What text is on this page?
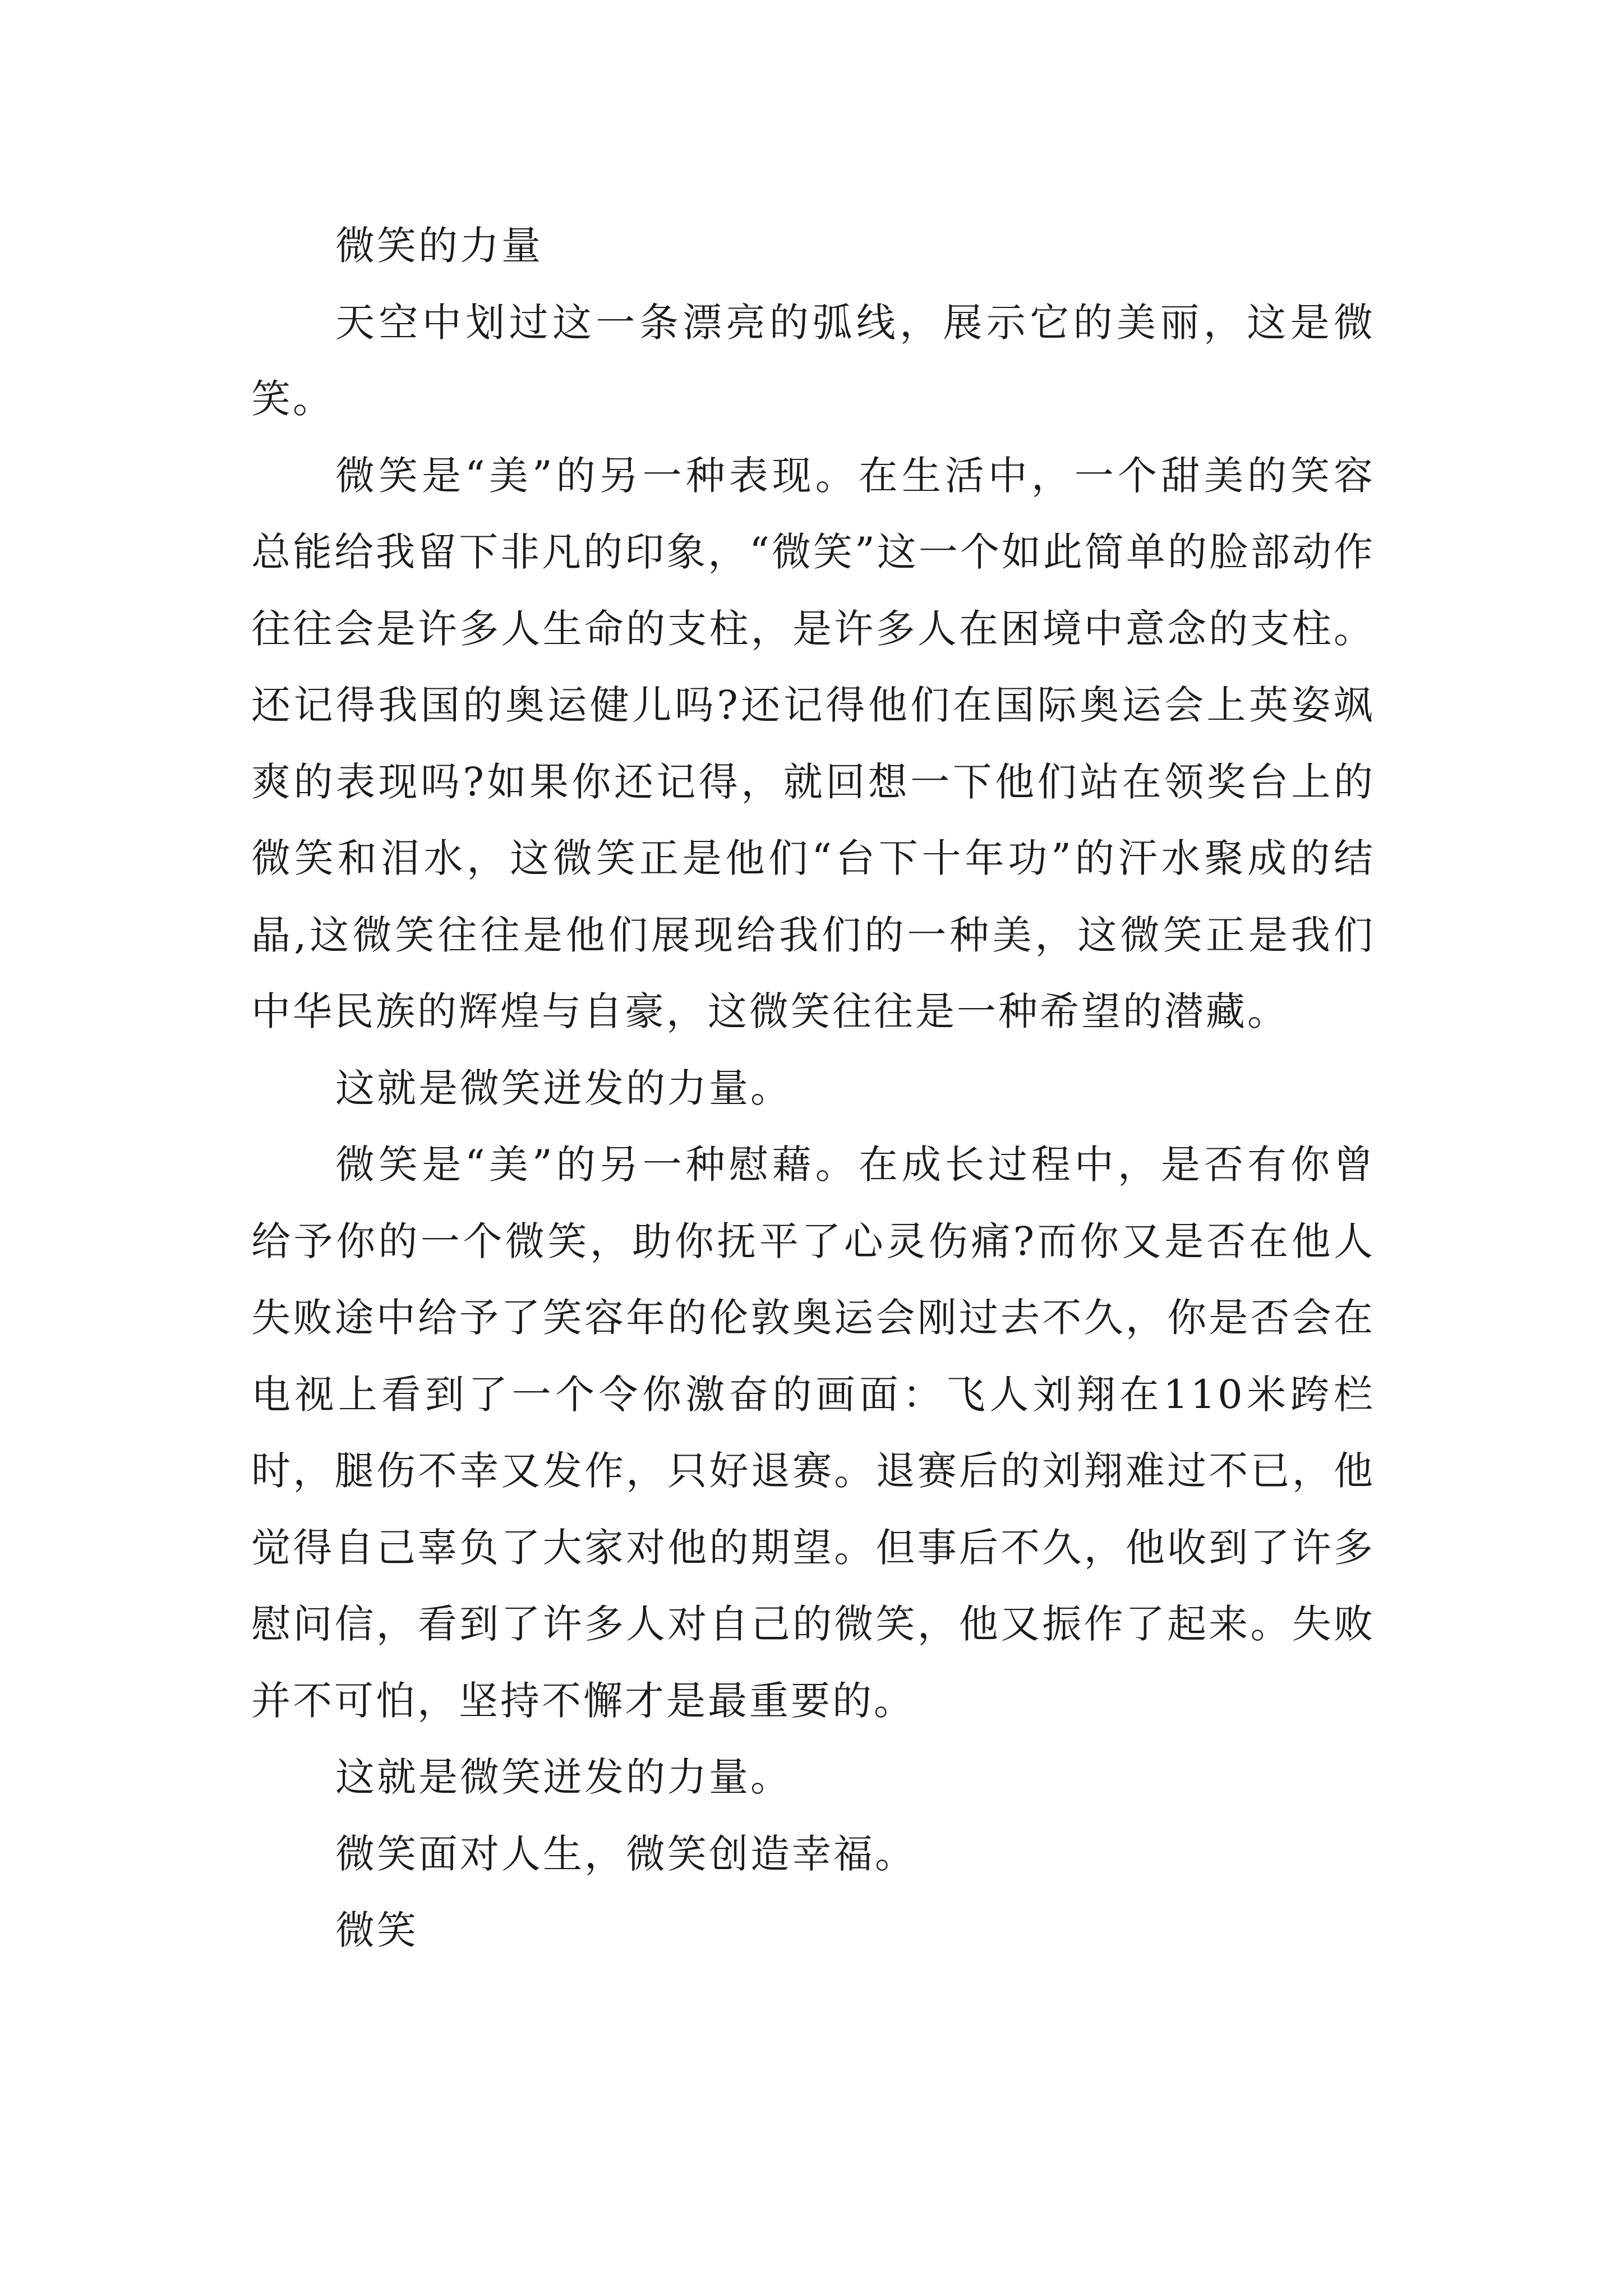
微笑的力量

天空中划过这一条漂亮的弧线，展示它的美丽，这是微笑。

微笑是“美”的另一种表现。在生活中，一个甜美的笑容总能给我留下非凡的印象，“微笑”这一个如此简单的脸部动作往往会是许多人生命的支柱，是许多人在困境中意念的支柱。还记得我国的奥运健儿吗?还记得他们在国际奥运会上英姿飒爽的表现吗?如果你还记得，就回想一下他们站在领奖台上的微笑和泪水，这微笑正是他们“台下十年功”的汗水聚成的结晶,这微笑往往是他们展现给我们的一种美，这微笑正是我们中华民族的辉煌与自豪，这微笑往往是一种希望的潜藏。

这就是微笑迸发的力量。

微笑是“美”的另一种慰藉。在成长过程中，是否有你曾给予你的一个微笑，助你抚平了心灵伤痛?而你又是否在他人失败途中给予了笑容年的伦敦奥运会刚过去不久，你是否会在电视上看到了一个令你激奋的画面：飞人刘翔在110米跨栏时，腿伤不幸又发作，只好退赛。退赛后的刘翔难过不已，他觉得自己辜负了大家对他的期望。但事后不久，他收到了许多慰问信，看到了许多人对自己的微笑，他又振作了起来。失败并不可怕，坚持不懈才是最重要的。

这就是微笑迸发的力量。

微笑面对人生，微笑创造幸福。

微笑
